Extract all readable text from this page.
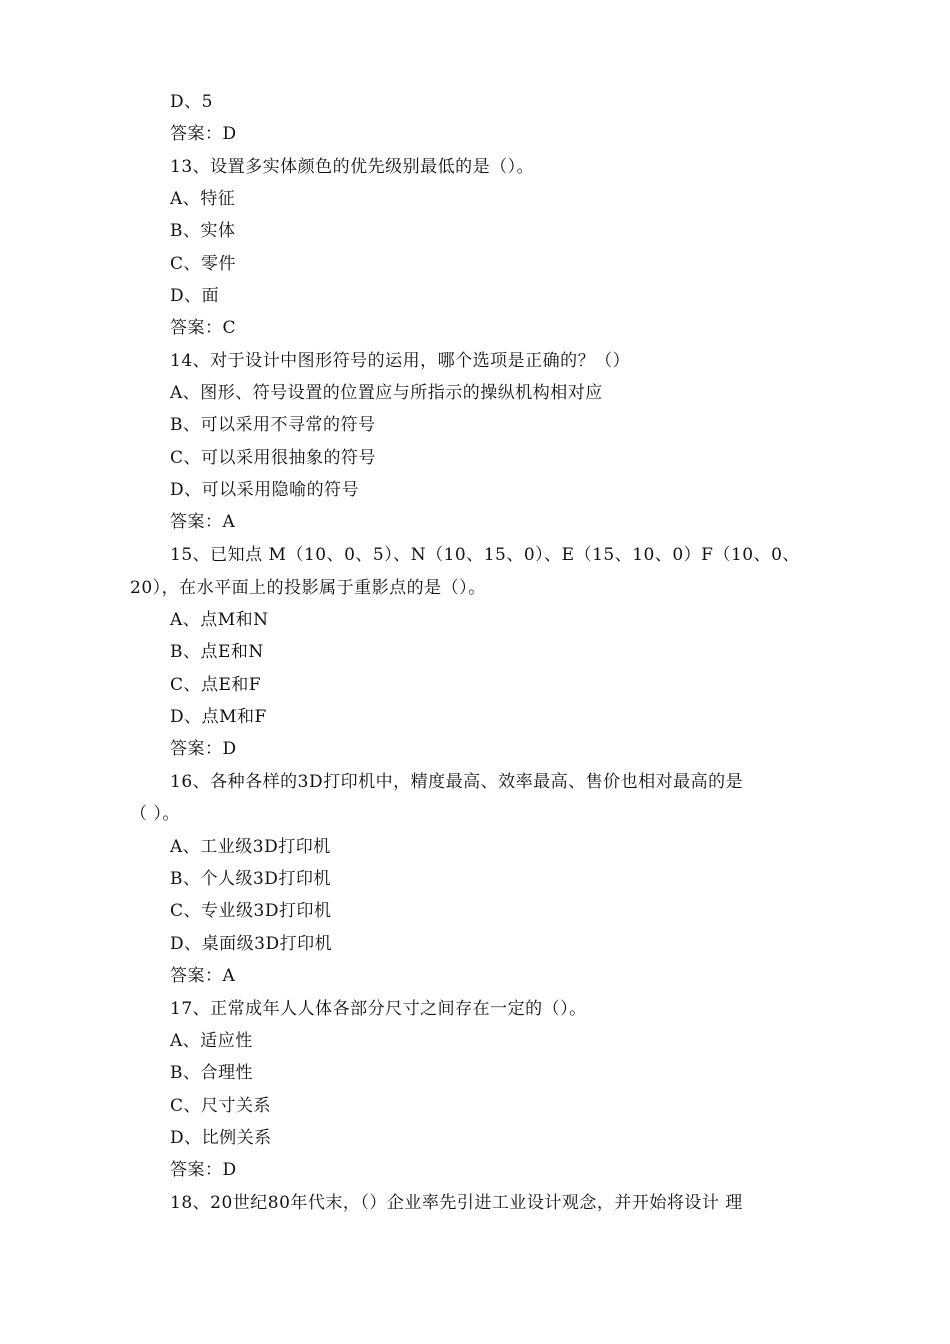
D、5
答案：D
13、设置多实体颜色的优先级别最低的是（）。
A、特征
B、实体
C、零件
D、面
答案：C
14、对于设计中图形符号的运用，哪个选项是正确的？（）
A、图形、符号设置的位置应与所指示的操纵机构相对应
B、可以采用不寻常的符号
C、可以采用很抽象的符号
D、可以采用隐喻的符号
答案：A
15、已知点 M（10、0、5）、N（10、15、0）、E（15、10、0）F（10、0、
20），在水平面上的投影属于重影点的是（）。
A、点M和N
B、点E和N
C、点E和F
D、点M和F
答案：D
16、各种各样的3D打印机中，精度最高、效率最高、售价也相对最高的是
（ ）。
A、工业级3D打印机
B、个人级3D打印机
C、专业级3D打印机
D、桌面级3D打印机
答案：A
17、正常成年人人体各部分尺寸之间存在一定的（）。
A、适应性
B、合理性
C、尺寸关系
D、比例关系
答案：D
18、20世纪80年代末，（）企业率先引进工业设计观念，并开始将设计 理
